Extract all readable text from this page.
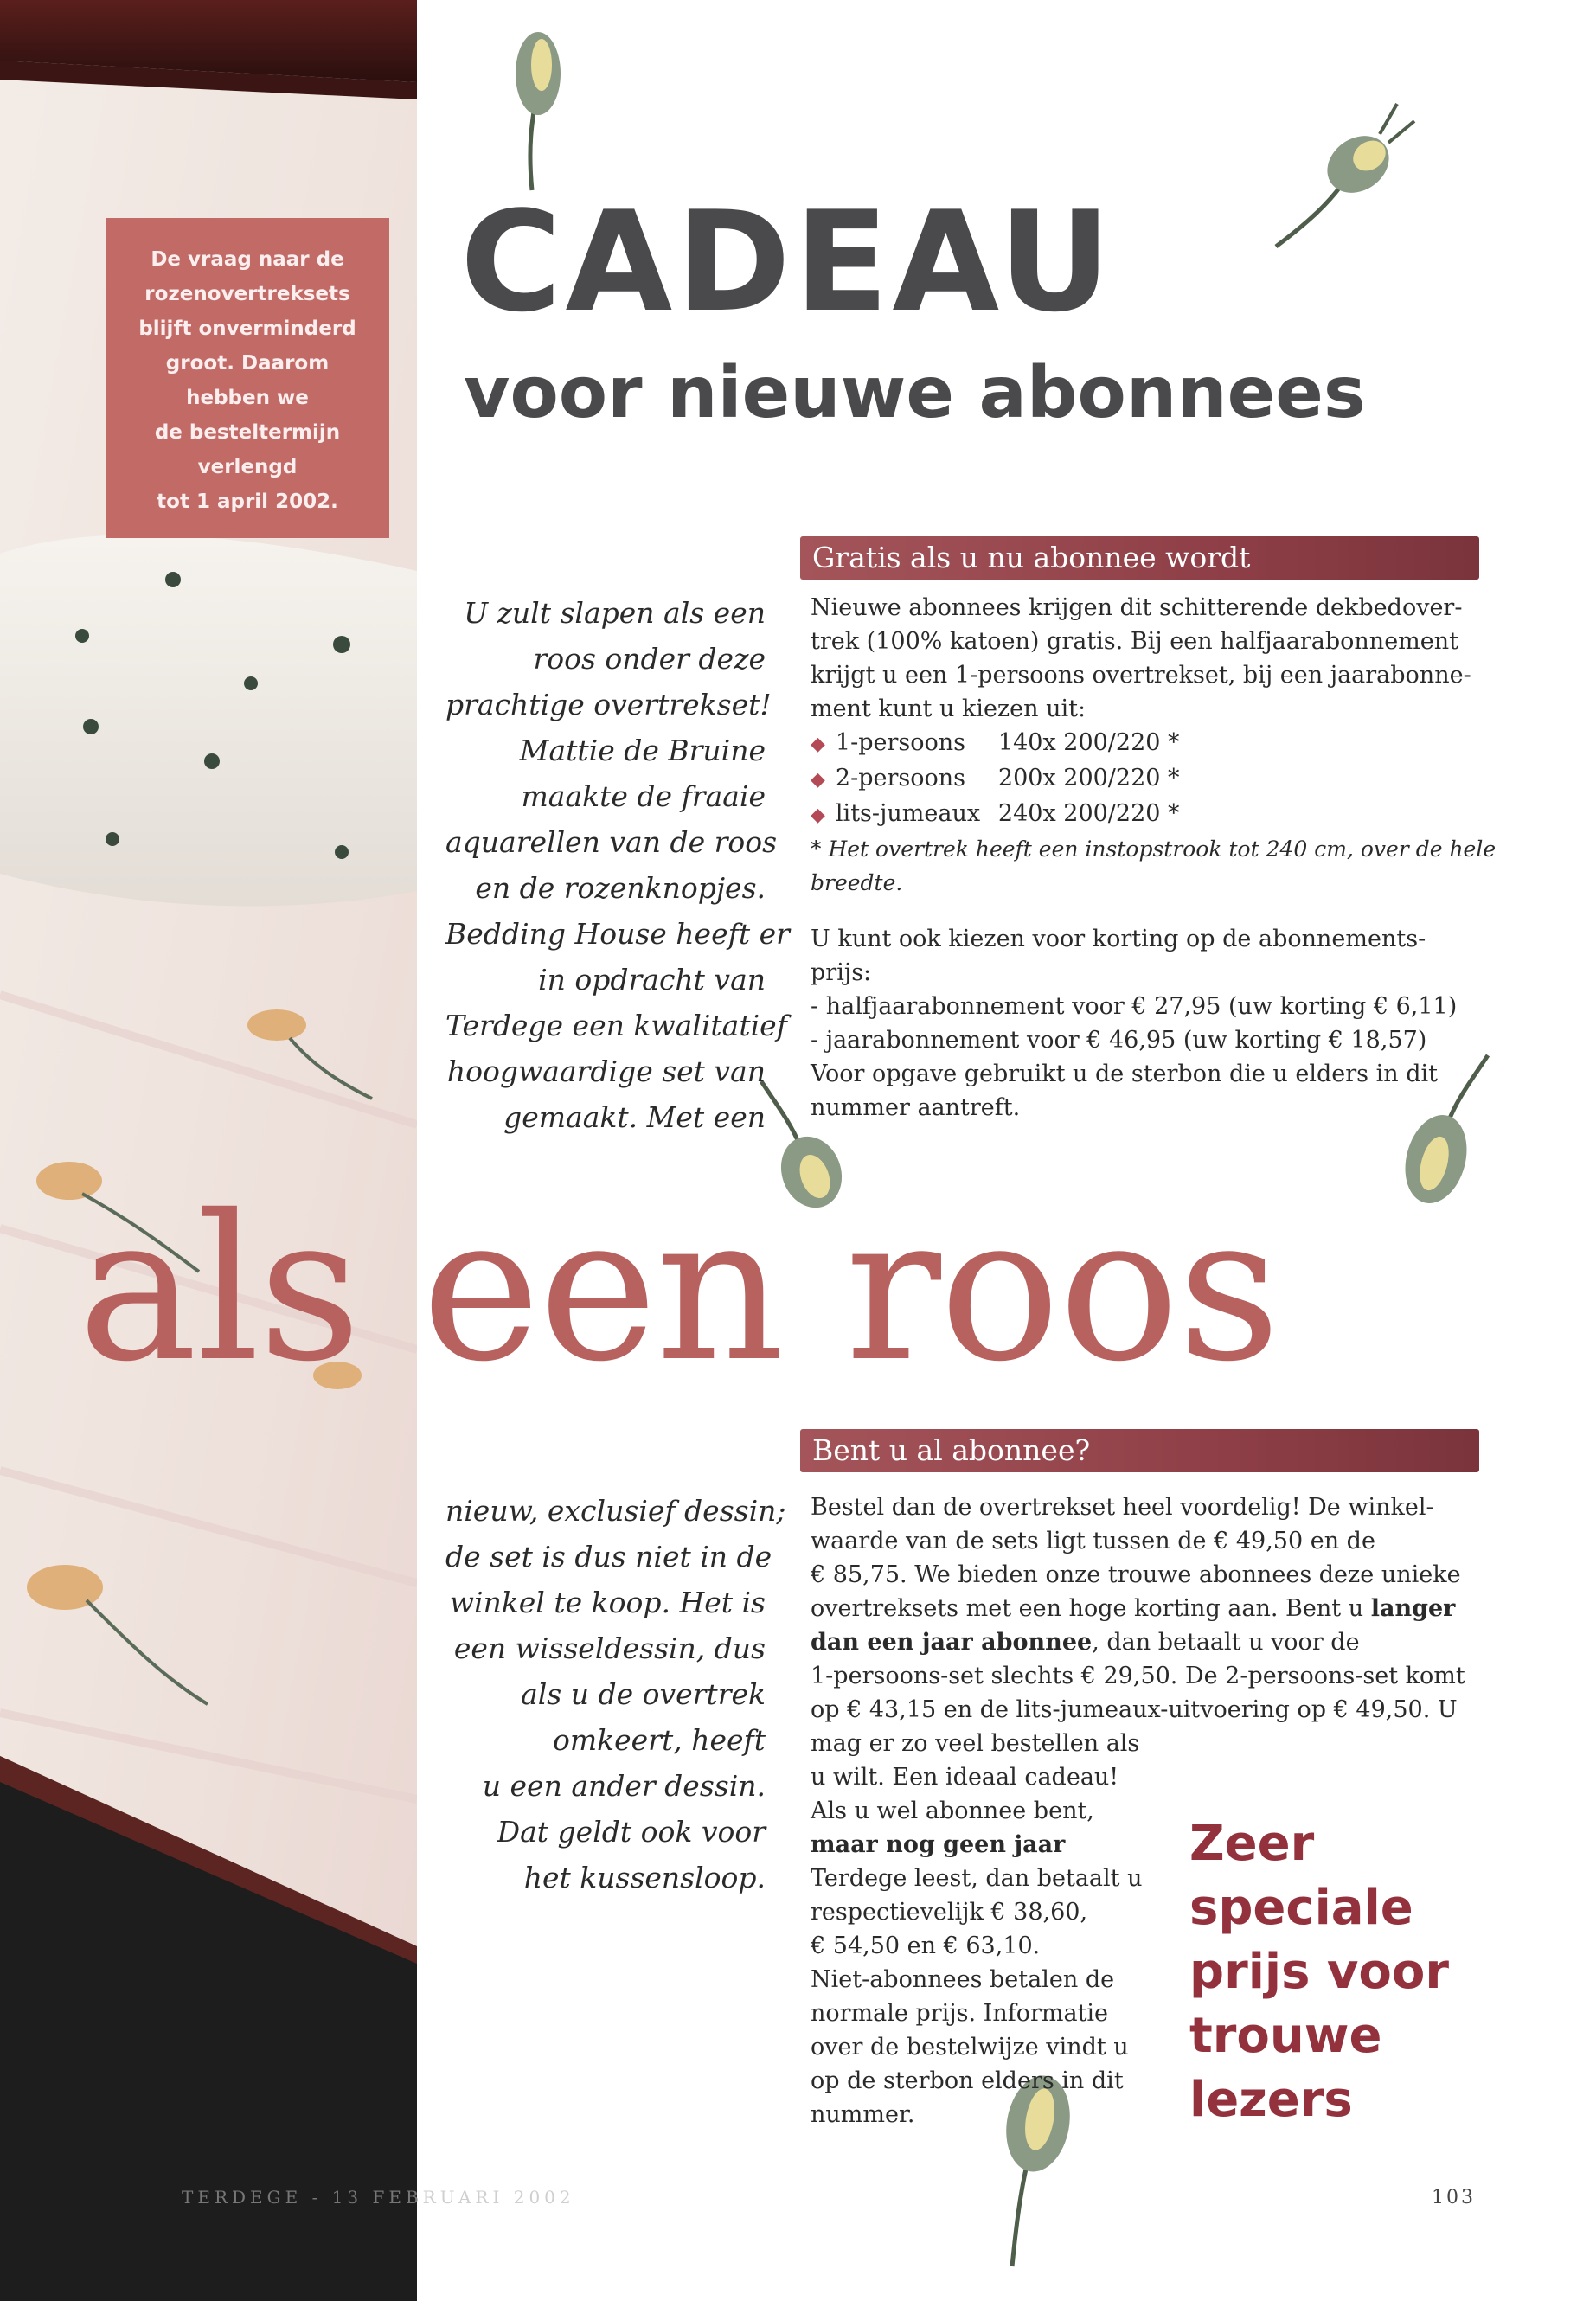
De vraag naar de
rozenovertreksets
blijft onverminderd
groot. Daarom
hebben we
de besteltermijn
verlengd
tot 1 april 2002.
CADEAU
voor nieuwe abonnees
Gratis als u nu abonnee wordt
U zult slapen als een
roos onder deze
prachtige overtrekset!
Mattie de Bruine
maakte de fraaie
aquarellen van de roos
en de rozenknopjes.
Bedding House heeft er
in opdracht van
Terdege een kwalitatief
hoogwaardige set van
gemaakt. Met een
Nieuwe abonnees krijgen dit schitterende dekbedover-
trek (100% katoen) gratis. Bij een halfjaarabonnement
krijgt u een 1-persoons overtrekset, bij een jaarabonne-
ment kunt u kiezen uit:
◆ 1-persoons 140x 200/220 *
◆ 2-persoons 200x 200/220 *
◆ lits-jumeaux 240x 200/220 *
* Het overtrek heeft een instopstrook tot 240 cm, over de hele
breedte.
U kunt ook kiezen voor korting op de abonnements-
prijs:
- halfjaarabonnement voor € 27,95 (uw korting € 6,11)
- jaarabonnement voor € 46,95 (uw korting € 18,57)
Voor opgave gebruikt u de sterbon die u elders in dit
nummer aantreft.
als een roos
Bent u al abonnee?
nieuw, exclusief dessin;
de set is dus niet in de
winkel te koop. Het is
een wisseldessin, dus
als u de overtrek
omkeert, heeft
u een ander dessin.
Dat geldt ook voor
het kussensloop.
Bestel dan de overtrekset heel voordelig! De winkel-
waarde van de sets ligt tussen de € 49,50 en de
€ 85,75. We bieden onze trouwe abonnees deze unieke
overtreksets met een hoge korting aan. Bent u langer
dan een jaar abonnee, dan betaalt u voor de
1-persoons-set slechts € 29,50. De 2-persoons-set komt
op € 43,15 en de lits-jumeaux-uitvoering op € 49,50. U
mag er zo veel bestellen als
u wilt. Een ideaal cadeau!
Als u wel abonnee bent,
maar nog geen jaar
Terdege leest, dan betaalt u
respectievelijk € 38,60,
€ 54,50 en € 63,10.
Niet-abonnees betalen de
normale prijs. Informatie
over de bestelwijze vindt u
op de sterbon elders in dit
nummer.
Zeer
speciale
prijs voor
trouwe
lezers
TERDEGE - 13 FEBRUARI 2002	103
